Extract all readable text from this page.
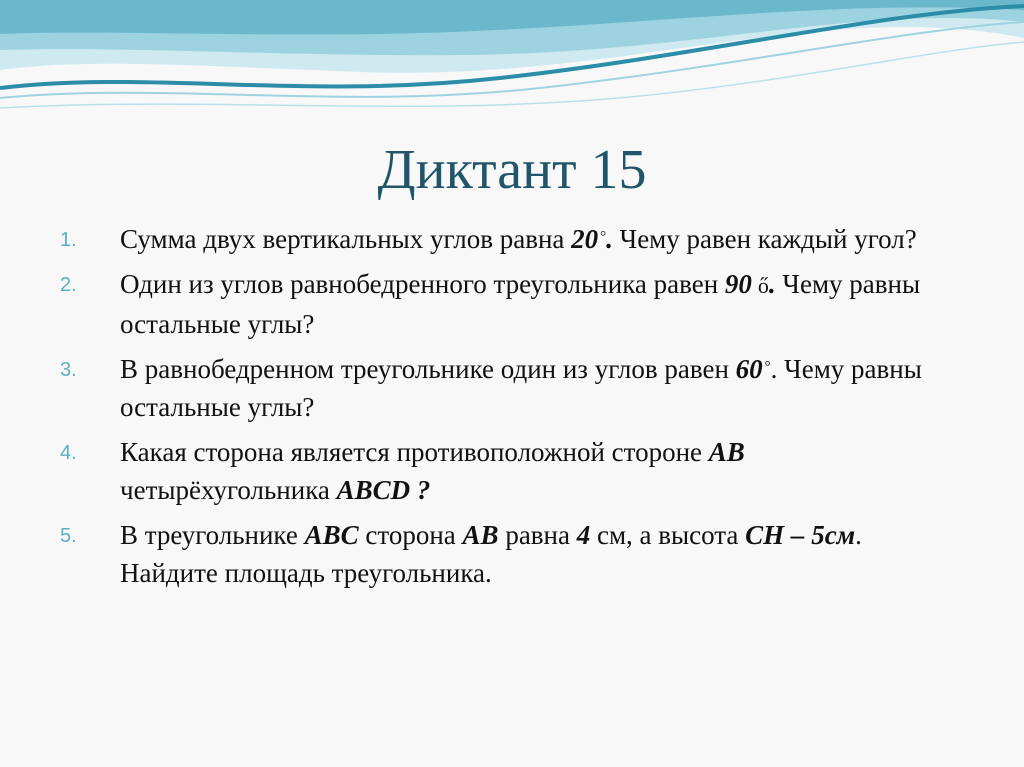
Диктант 15
1.	Сумма двух вертикальных углов равна 20 °. Чему равен каждый угол?
2.	Один из углов равнобедренного треугольника равен 90 ő. Чему равны остальные углы?
3.	В равнобедренном треугольнике один из углов равен 60 °. Чему равны остальные углы?
4.	Какая сторона является противоположной стороне AB четырёхугольника ABCD ?
5.	В треугольнике ABC сторона AB равна 4 см, а высота CH – 5см. Найдите площадь треугольника.
